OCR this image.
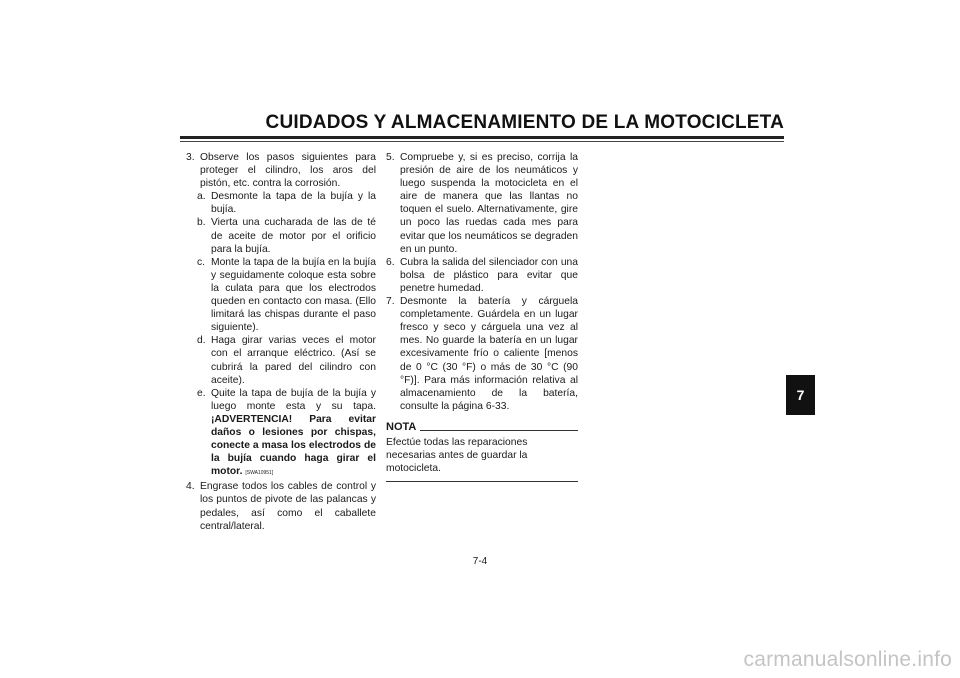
CUIDADOS Y ALMACENAMIENTO DE LA MOTOCICLETA
3. Observe los pasos siguientes para proteger el cilindro, los aros del pistón, etc. contra la corrosión.
a. Desmonte la tapa de la bujía y la bujía.
b. Vierta una cucharada de las de té de aceite de motor por el orificio para la bujía.
c. Monte la tapa de la bujía en la bujía y seguidamente coloque esta sobre la culata para que los electrodos queden en contacto con masa. (Ello limitará las chispas durante el paso siguiente).
d. Haga girar varias veces el motor con el arranque eléctrico. (Así se cubrirá la pared del cilindro con aceite).
e. Quite la tapa de bujía de la bujía y luego monte esta y su tapa. ¡ADVERTENCIA! Para evitar daños o lesiones por chispas, conecte a masa los electrodos de la bujía cuando haga girar el motor. [SWA10951]
4. Engrase todos los cables de control y los puntos de pivote de las palancas y pedales, así como el caballete central/lateral.
5. Compruebe y, si es preciso, corrija la presión de aire de los neumáticos y luego suspenda la motocicleta en el aire de manera que las llantas no toquen el suelo. Alternativamente, gire un poco las ruedas cada mes para evitar que los neumáticos se degraden en un punto.
6. Cubra la salida del silenciador con una bolsa de plástico para evitar que penetre humedad.
7. Desmonte la batería y cárguela completamente. Guárdela en un lugar fresco y seco y cárguela una vez al mes. No guarde la batería en un lugar excesivamente frío o caliente [menos de 0 °C (30 °F) o más de 30 °C (90 °F)]. Para más información relativa al almacenamiento de la batería, consulte la página 6-33.
NOTA
Efectúe todas las reparaciones necesarias antes de guardar la motocicleta.
7-4
7
carmanualsonline.info
